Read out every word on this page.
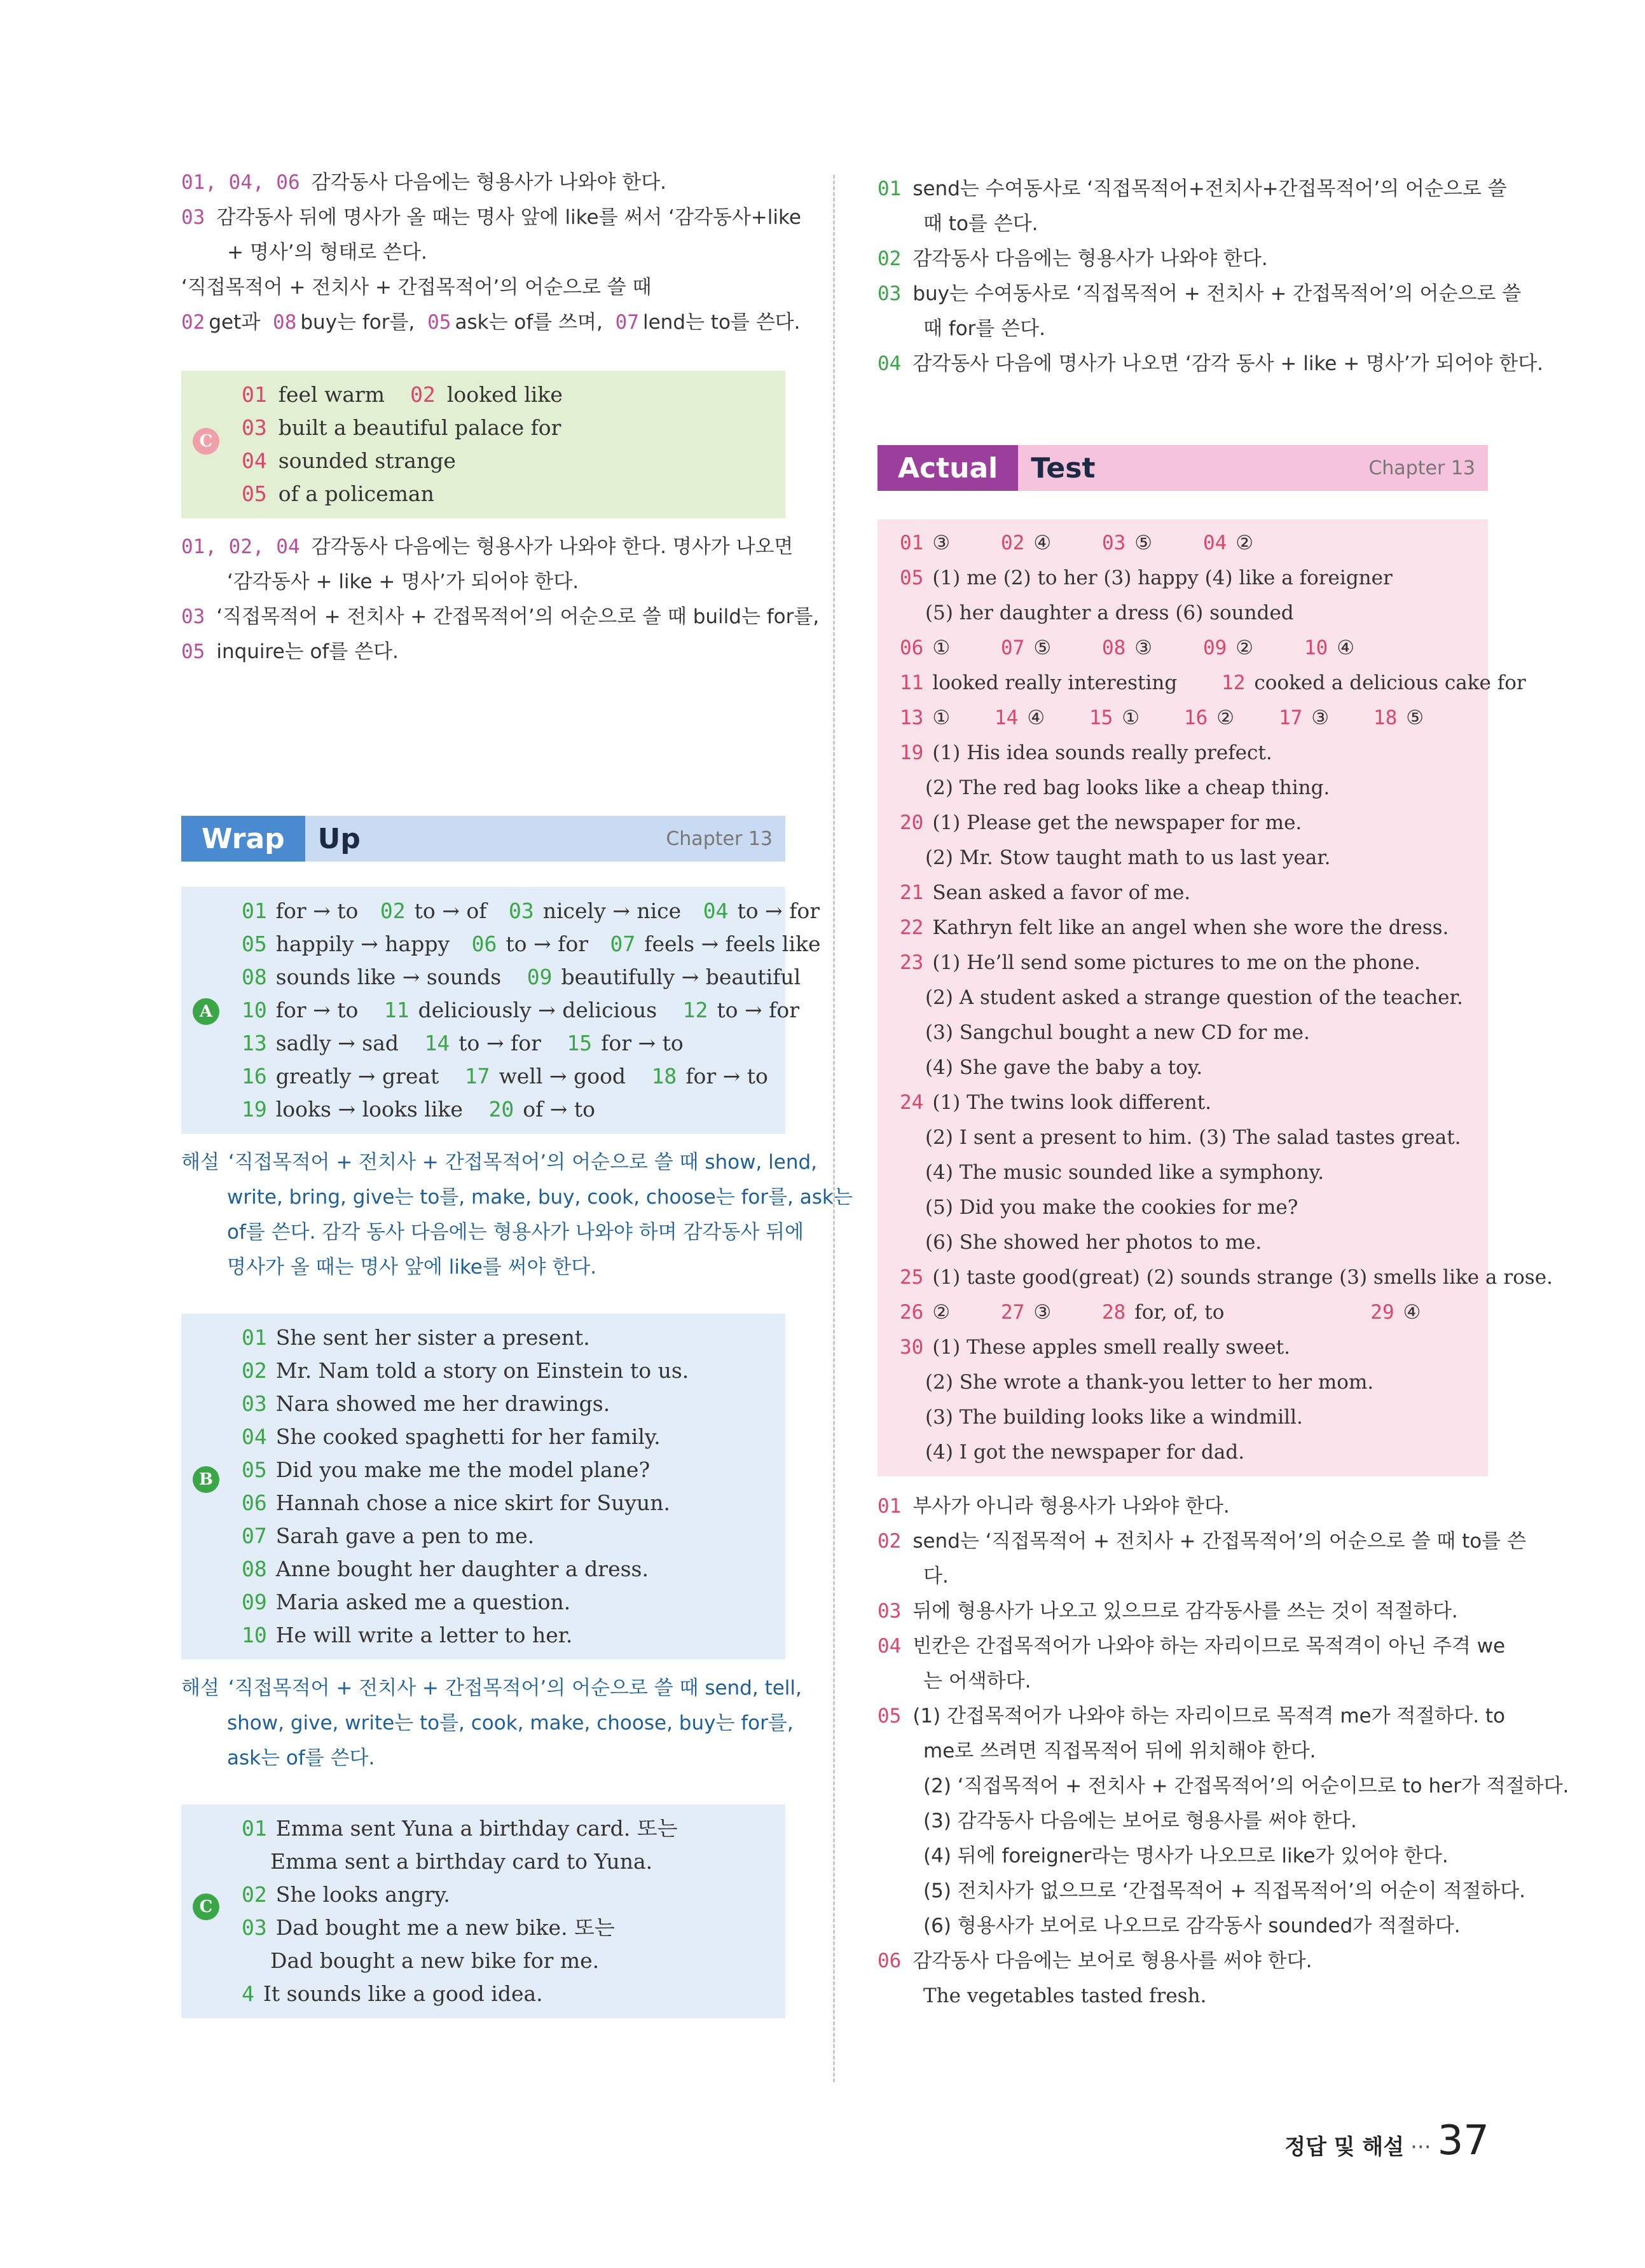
01, 04, 06 감각동사 다음에는 형용사가 나와야 한다.
03 감각동사 뒤에 명사가 올 때는 명사 앞에 like를 써서 ‘감각동사+like
+ 명사’의 형태로 쓴다.
‘직접목적어 + 전치사 + 간접목적어’의 어순으로 쓸 때
02 get과 08 buy는 for를, 05 ask는 of를 쓰며, 07 lend는 to를 쓴다.
C
01 feel warm 02 looked like
03 built a beautiful palace for
04 sounded strange
05 of a policeman
01, 02, 04 감각동사 다음에는 형용사가 나와야 한다. 명사가 나오면
‘감각동사 + like + 명사’가 되어야 한다.
03 ‘직접목적어 + 전치사 + 간접목적어’의 어순으로 쓸 때 build는 for를,
05 inquire는 of를 쓴다.
Wrap	Up	Chapter 13
A
01 for → to 02 to → of 03 nicely → nice 04 to → for
05 happily → happy 06 to → for 07 feels → feels like
08 sounds like → sounds 09 beautifully → beautiful
10 for → to 11 deliciously → delicious 12 to → for
13 sadly → sad 14 to → for 15 for → to
16 greatly → great 17 well → good 18 for → to
19 looks → looks like 20 of → to
해설 ‘직접목적어 + 전치사 + 간접목적어’의 어순으로 쓸 때 show, lend,
write, bring, give는 to를, make, buy, cook, choose는 for를, ask는
of를 쓴다. 감각 동사 다음에는 형용사가 나와야 하며 감각동사 뒤에
명사가 올 때는 명사 앞에 like를 써야 한다.
B
01 She sent her sister a present.
02 Mr. Nam told a story on Einstein to us.
03 Nara showed me her drawings.
04 She cooked spaghetti for her family.
05 Did you make me the model plane?
06 Hannah chose a nice skirt for Suyun.
07 Sarah gave a pen to me.
08 Anne bought her daughter a dress.
09 Maria asked me a question.
10 He will write a letter to her.
해설 ‘직접목적어 + 전치사 + 간접목적어’의 어순으로 쓸 때 send, tell,
show, give, write는 to를, cook, make, choose, buy는 for를,
ask는 of를 쓴다.
C
01 Emma sent Yuna a birthday card. 또는
Emma sent a birthday card to Yuna.
02 She looks angry.
03 Dad bought me a new bike. 또는
Dad bought a new bike for me.
4 It sounds like a good idea.
01 send는 수여동사로 ‘직접목적어+전치사+간접목적어’의 어순으로 쓸
때 to를 쓴다.
02 감각동사 다음에는 형용사가 나와야 한다.
03 buy는 수여동사로 ‘직접목적어 + 전치사 + 간접목적어’의 어순으로 쓸
때 for를 쓴다.
04 감각동사 다음에 명사가 나오면 ‘감각 동사 + like + 명사’가 되어야 한다.
Actual	Test	Chapter 13
01 ③	02 ④	03 ⑤	04 ②
05 (1) me (2) to her (3) happy (4) like a foreigner
(5) her daughter a dress (6) sounded
06 ①	07 ⑤	08 ③	09 ②	10 ④
11 looked really interesting 12 cooked a delicious cake for
13 ① 14 ④ 15 ① 16 ② 17 ③ 18 ⑤
19 (1) His idea sounds really prefect.
(2) The red bag looks like a cheap thing.
20 (1) Please get the newspaper for me.
(2) Mr. Stow taught math to us last year.
21 Sean asked a favor of me.
22 Kathryn felt like an angel when she wore the dress.
23 (1) He’ll send some pictures to me on the phone.
(2) A student asked a strange question of the teacher.
(3) Sangchul bought a new CD for me.
(4) She gave the baby a toy.
24 (1) The twins look different.
(2) I sent a present to him. (3) The salad tastes great.
(4) The music sounded like a symphony.
(5) Did you make the cookies for me?
(6) She showed her photos to me.
25 (1) taste good(great) (2) sounds strange (3) smells like a rose.
26 ②	27 ③	28 for, of, to	29 ④
30 (1) These apples smell really sweet.
(2) She wrote a thank-you letter to her mom.
(3) The building looks like a windmill.
(4) I got the newspaper for dad.
01 부사가 아니라 형용사가 나와야 한다.
02 send는 ‘직접목적어 + 전치사 + 간접목적어’의 어순으로 쓸 때 to를 쓴
다.
03 뒤에 형용사가 나오고 있으므로 감각동사를 쓰는 것이 적절하다.
04 빈칸은 간접목적어가 나와야 하는 자리이므로 목적격이 아닌 주격 we
는 어색하다.
05 (1) 간접목적어가 나와야 하는 자리이므로 목적격 me가 적절하다. to
me로 쓰려면 직접목적어 뒤에 위치해야 한다.
(2) ‘직접목적어 + 전치사 + 간접목적어’의 어순이므로 to her가 적절하다.
(3) 감각동사 다음에는 보어로 형용사를 써야 한다.
(4) 뒤에 foreigner라는 명사가 나오므로 like가 있어야 한다.
(5) 전치사가 없으므로 ‘간접목적어 + 직접목적어’의 어순이 적절하다.
(6) 형용사가 보어로 나오므로 감각동사 sounded가 적절하다.
06 감각동사 다음에는 보어로 형용사를 써야 한다.
The vegetables tasted fresh.
정답 및 해설 ··· 37
